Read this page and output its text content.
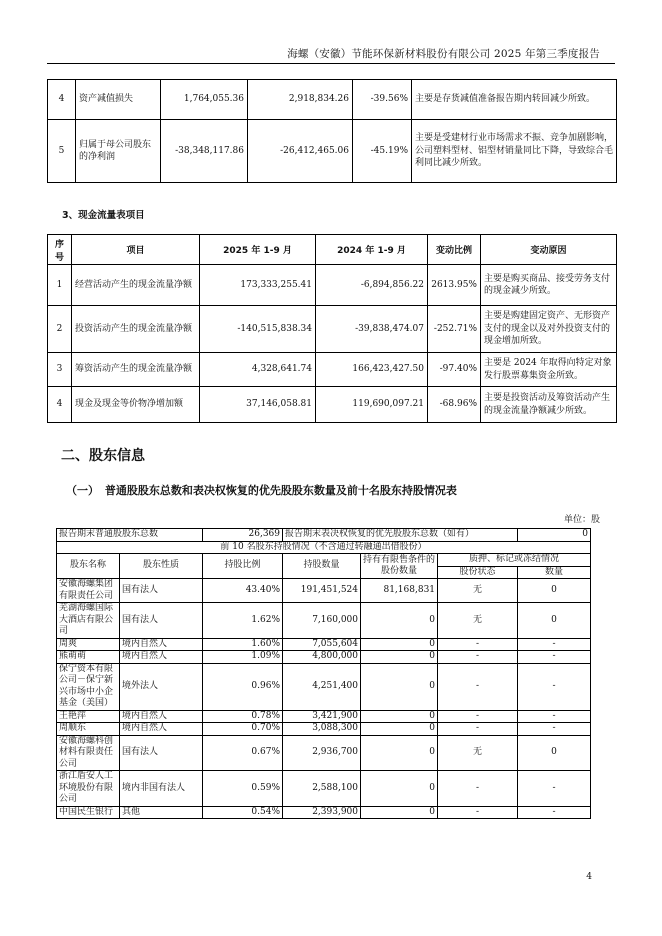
海螺（安徽）节能环保新材料股份有限公司 2025 年第三季度报告
4	资产减值损失	1,764,055.36	2,918,834.26	-39.56%	主要是存货减值准备报告期内转回减少所致。
5	归属于母公司股东的净利润	-38,348,117.86	-26,412,465.06	-45.19%	主要是受建材行业市场需求不振、竞争加剧影响，公司塑料型材、铝型材销量同比下降，导致综合毛利同比减少所致。
3、现金流量表项目
序号	项目	2025 年 1-9 月	2024 年 1-9 月	变动比例	变动原因
1	经营活动产生的现金流量净额	173,333,255.41	-6,894,856.22	2613.95%	主要是购买商品、接受劳务支付的现金减少所致。
2	投资活动产生的现金流量净额	-140,515,838.34	-39,838,474.07	-252.71%	主要是购建固定资产、无形资产支付的现金以及对外投资支付的现金增加所致。
3	筹资活动产生的现金流量净额	4,328,641.74	166,423,427.50	-97.40%	主要是 2024 年取得向特定对象发行股票募集资金所致。
4	现金及现金等价物净增加额	37,146,058.81	119,690,097.21	-68.96%	主要是投资活动及筹资活动产生的现金流量净额减少所致。
二、股东信息
（一） 普通股股东总数和表决权恢复的优先股股东数量及前十名股东持股情况表
单位：股
报告期末普通股股东总数		26,369	报告期末表决权恢复的优先股股东总数（如有）			0
前 10 名股东持股情况（不含通过转融通出借股份）						
股东名称	股东性质	持股比例	持股数量	持有有限售条件的股份数量	质押、标记或冻结情况	
					股份状态	数量
安徽海螺集团有限责任公司	国有法人	43.40%	191,451,524	81,168,831	无	0
芜湖海螺国际大酒店有限公司	国有法人	1.62%	7,160,000	0	无	0
周爽	境内自然人	1.60%	7,055,604	0	-	-
熊萌萌	境内自然人	1.09%	4,800,000	0	-	-
保宁资本有限公司－保宁新兴市场中小企基金（美国）	境外法人	0.96%	4,251,400	0	-	-
王艳萍	境内自然人	0.78%	3,421,900	0	-	-
周顺东	境内自然人	0.70%	3,088,300	0	-	-
安徽海螺科创材料有限责任公司	国有法人	0.67%	2,936,700	0	无	0
浙江盾安人工环境股份有限公司	境内非国有法人	0.59%	2,588,100	0	-	-
中国民生银行	其他	0.54%	2,393,900	0	-	-
4
